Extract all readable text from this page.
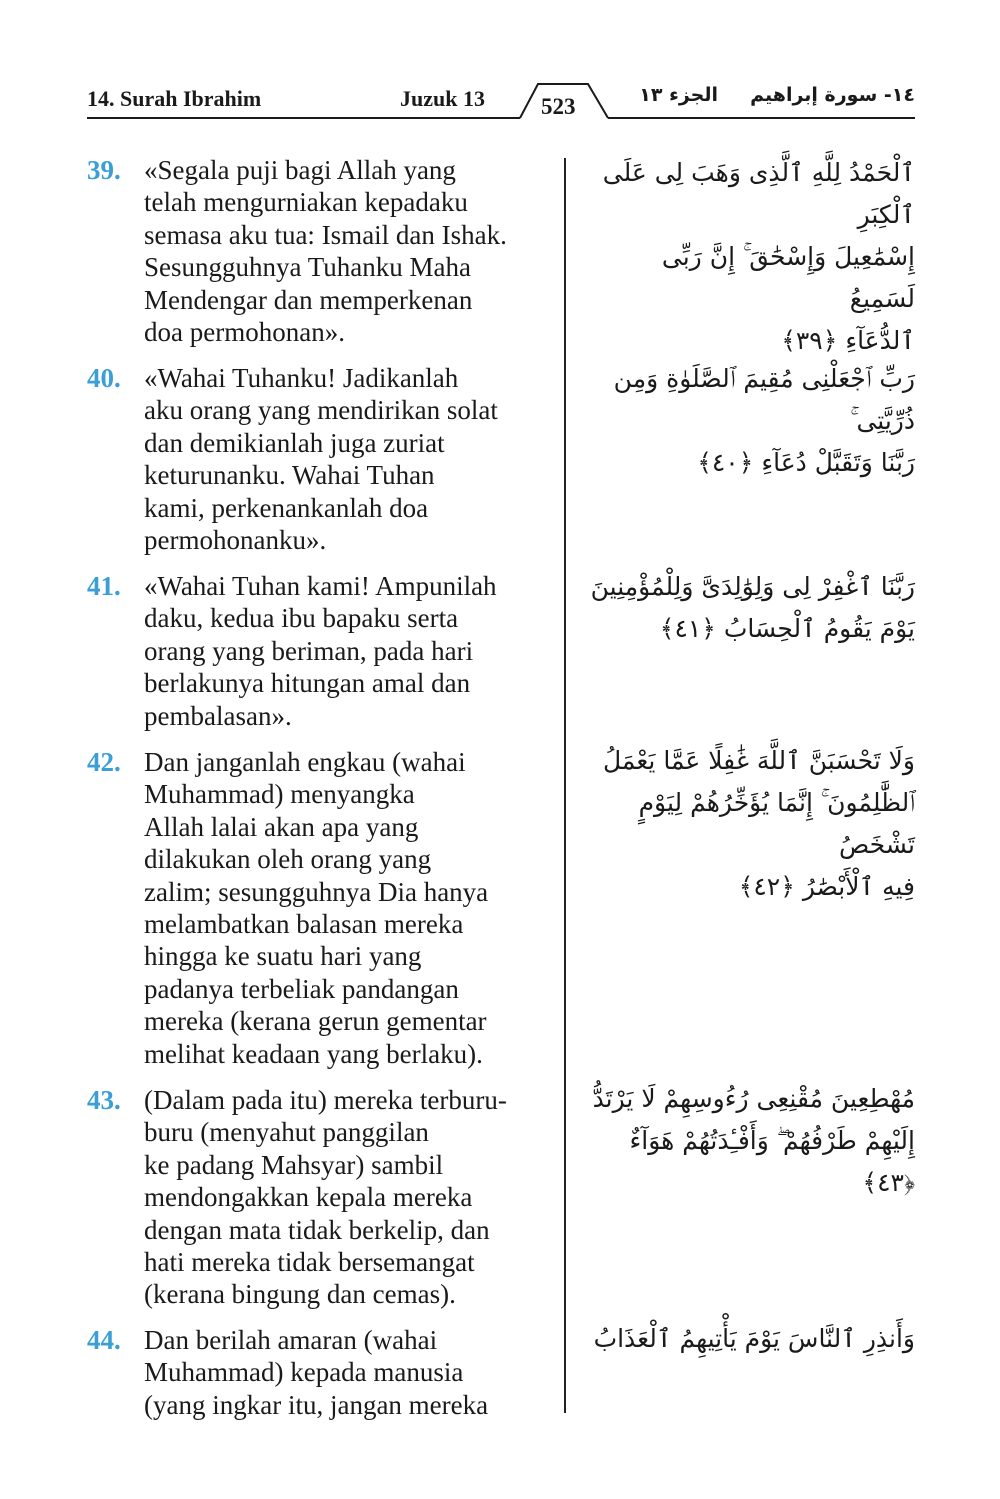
14. Surah Ibrahim	Juzuk 13 523	الجزء ١٣	١٤- سورة إبراهيم
39. «Segala puji bagi Allah yang
telah mengurniakan kepadaku
semasa aku tua: Ismail dan Ishak.
Sesungguhnya Tuhanku Maha
Mendengar dan memperkenan
doa permohonan».
ٱلْحَمْدُ لِلَّهِ ٱلَّذِى وَهَبَ لِى عَلَى ٱلْكِبَرِ
إِسْمَٰعِيلَ وَإِسْحَٰقَ ۚ إِنَّ رَبِّى لَسَمِيعُ
ٱلدُّعَآءِ ﴿٣٩﴾
40. «Wahai Tuhanku! Jadikanlah
aku orang yang mendirikan solat
dan demikianlah juga zuriat
keturunanku. Wahai Tuhan
kami, perkenankanlah doa
permohonanku».
رَبِّ ٱجْعَلْنِى مُقِيمَ ٱلصَّلَوٰةِ وَمِن ذُرِّيَّتِى ۚ
رَبَّنَا وَتَقَبَّلْ دُعَآءِ ﴿٤٠﴾
41. «Wahai Tuhan kami! Ampunilah
daku, kedua ibu bapaku serta
orang yang beriman, pada hari
berlakunya hitungan amal dan
pembalasan».
رَبَّنَا ٱغْفِرْ لِى وَلِوَٰلِدَىَّ وَلِلْمُؤْمِنِينَ
يَوْمَ يَقُومُ ٱلْحِسَابُ ﴿٤١﴾
42. Dan janganlah engkau (wahai
Muhammad) menyangka
Allah lalai akan apa yang
dilakukan oleh orang yang
zalim; sesungguhnya Dia hanya
melambatkan balasan mereka
hingga ke suatu hari yang
padanya terbeliak pandangan
mereka (kerana gerun gementar
melihat keadaan yang berlaku).
وَلَا تَحْسَبَنَّ ٱللَّهَ غَٰفِلًا عَمَّا يَعْمَلُ
ٱلظَّٰلِمُونَ ۚ إِنَّمَا يُؤَخِّرُهُمْ لِيَوْمٍ تَشْخَصُ
فِيهِ ٱلْأَبْصَٰرُ ﴿٤٢﴾
43. (Dalam pada itu) mereka terburu-
buru (menyahut panggilan
ke padang Mahsyar) sambil
mendongakkan kepala mereka
dengan mata tidak berkelip, dan
hati mereka tidak bersemangat
(kerana bingung dan cemas).
مُهْطِعِينَ مُقْنِعِى رُءُوسِهِمْ لَا يَرْتَدُّ
إِلَيْهِمْ طَرْفُهُمْ ۖ وَأَفْـِٔدَتُهُمْ هَوَآءٌ ﴿٤٣﴾
44. Dan berilah amaran (wahai
Muhammad) kepada manusia
(yang ingkar itu, jangan mereka
وَأَنذِرِ ٱلنَّاسَ يَوْمَ يَأْتِيهِمُ ٱلْعَذَابُ
